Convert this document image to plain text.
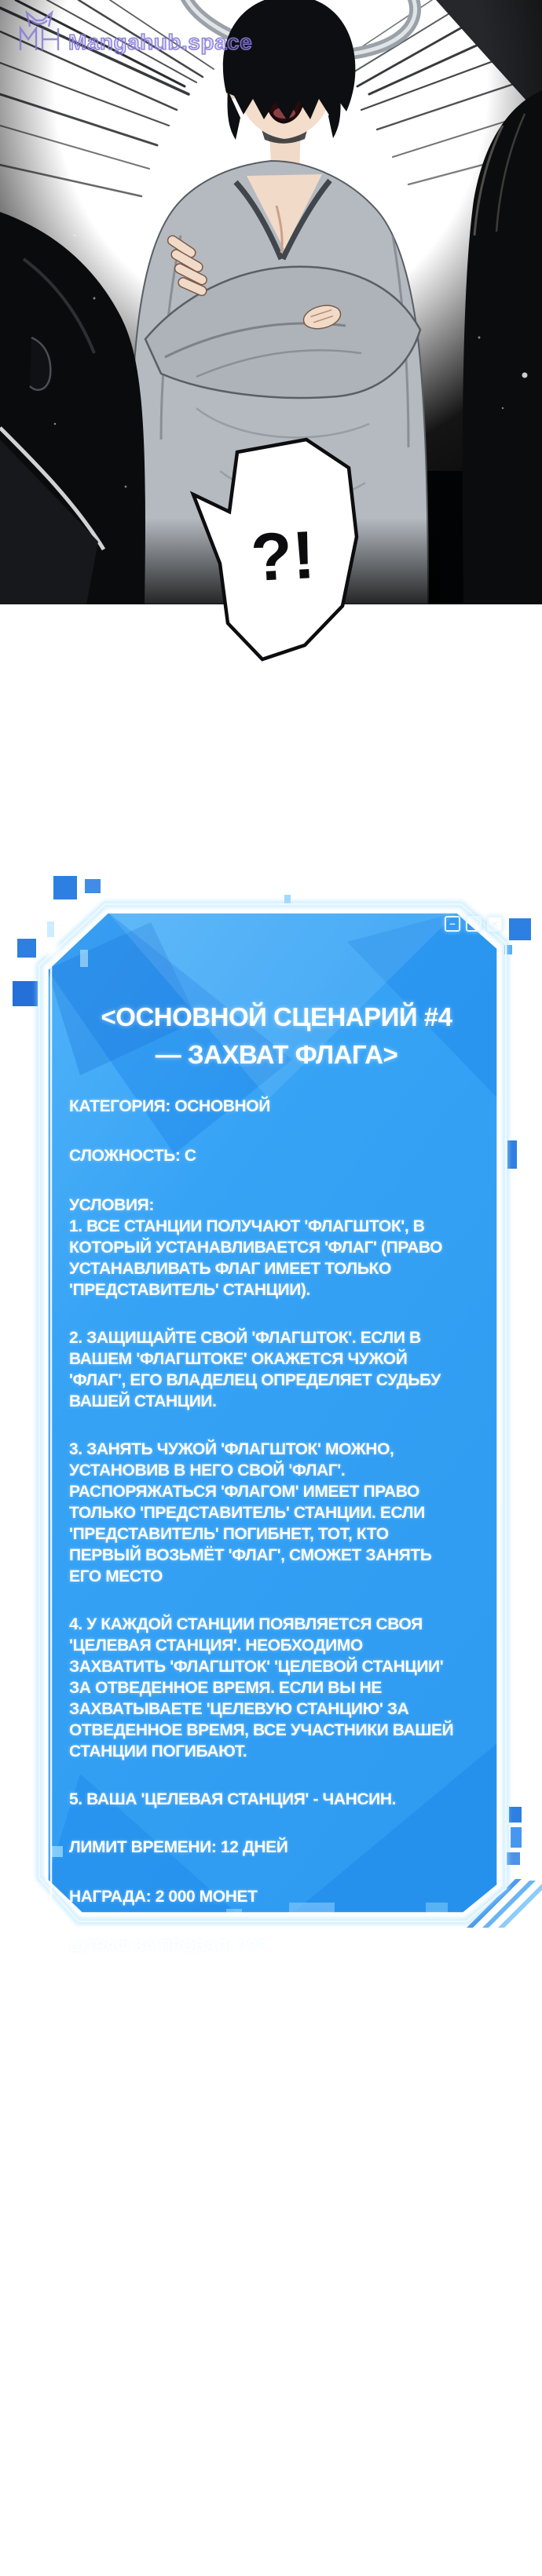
Mangahub.space
?!
– ▫ ×
<ОСНОВНОЙ СЦЕНАРИЙ #4
— ЗАХВАТ ФЛАГА>

КАТЕГОРИЯ: ОСНОВНОЙ

СЛОЖНОСТЬ: С

УСЛОВИЯ:

1. ВСЕ СТАНЦИИ ПОЛУЧАЮТ 'ФЛАГШТОК', В КОТОРЫЙ УСТАНАВЛИВАЕТСЯ 'ФЛАГ' (ПРАВО УСТАНАВЛИВАТЬ ФЛАГ ИМЕЕТ ТОЛЬКО 'ПРЕДСТАВИТЕЛЬ' СТАНЦИИ).

2. ЗАЩИЩАЙТЕ СВОЙ 'ФЛАГШТОК'. ЕСЛИ В ВАШЕМ 'ФЛАГШТОКЕ' ОКАЖЕТСЯ ЧУЖОЙ 'ФЛАГ', ЕГО ВЛАДЕЛЕЦ ОПРЕДЕЛЯЕТ СУДЬБУ ВАШЕЙ СТАНЦИИ.

3. ЗАНЯТЬ ЧУЖОЙ 'ФЛАГШТОК' МОЖНО, УСТАНОВИВ В НЕГО СВОЙ 'ФЛАГ'. РАСПОРЯЖАТЬСЯ 'ФЛАГОМ' ИМЕЕТ ПРАВО ТОЛЬКО 'ПРЕДСТАВИТЕЛЬ' СТАНЦИИ. ЕСЛИ 'ПРЕДСТАВИТЕЛЬ' ПОГИБНЕТ, ТОТ, КТО ПЕРВЫЙ ВОЗЬМЁТ 'ФЛАГ', СМОЖЕТ ЗАНЯТЬ ЕГО МЕСТО

4. У КАЖДОЙ СТАНЦИИ ПОЯВЛЯЕТСЯ СВОЯ 'ЦЕЛЕВАЯ СТАНЦИЯ'. НЕОБХОДИМО ЗАХВАТИТЬ 'ФЛАГШТОК' 'ЦЕЛЕВОЙ СТАНЦИИ' ЗА ОТВЕДЕННОЕ ВРЕМЯ. ЕСЛИ ВЫ НЕ ЗАХВАТЫВАЕТЕ 'ЦЕЛЕВУЮ СТАНЦИЮ' ЗА ОТВЕДЕННОЕ ВРЕМЯ, ВСЕ УЧАСТНИКИ ВАШЕЙ СТАНЦИИ ПОГИБАЮТ.

5. ВАША 'ЦЕЛЕВАЯ СТАНЦИЯ' - ЧАНСИН.

ЛИМИТ ВРЕМЕНИ: 12 ДНЕЙ

НАГРАДА: 2 000 МОНЕТ

ШТРАФ ЗА ПРОВАЛ: ???
